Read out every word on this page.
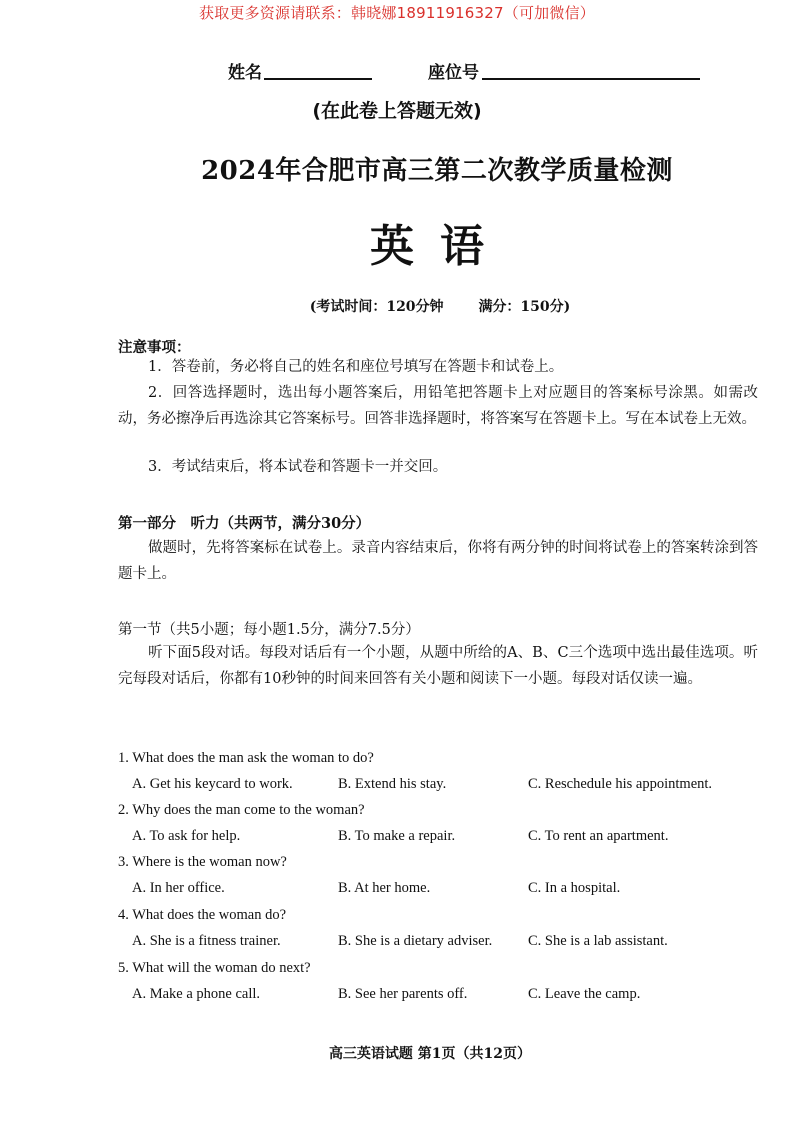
获取更多资源请联系：韩晓娜18911916327（可加微信）
姓名	座位号
(在此卷上答题无效)
2024年合肥市高三第二次教学质量检测
英语
(考试时间：120分钟 满分：150分)
注意事项：
1．答卷前，务必将自己的姓名和座位号填写在答题卡和试卷上。
2．回答选择题时，选出每小题答案后，用铅笔把答题卡上对应题目的答案标号涂黑。如需改动，务必擦净后再选涂其它答案标号。回答非选择题时，将答案写在答题卡上。写在本试卷上无效。
3．考试结束后，将本试卷和答题卡一并交回。
第一部分　听力（共两节，满分30分）
做题时，先将答案标在试卷上。录音内容结束后，你将有两分钟的时间将试卷上的答案转涂到答题卡上。
第一节（共5小题；每小题1.5分，满分7.5分）
听下面5段对话。每段对话后有一个小题，从题中所给的A、B、C三个选项中选出最佳选项。听完每段对话后，你都有10秒钟的时间来回答有关小题和阅读下一小题。每段对话仅读一遍。
1. What does the man ask the woman to do?
A. Get his keycard to work.	B. Extend his stay.	C. Reschedule his appointment.
2. Why does the man come to the woman?
A. To ask for help.	B. To make a repair.	C. To rent an apartment.
3. Where is the woman now?
A. In her office.	B. At her home.	C. In a hospital.
4. What does the woman do?
A. She is a fitness trainer.	B. She is a dietary adviser. C. She is a lab assistant.
5. What will the woman do next?
A. Make a phone call.	B. See her parents off.	C. Leave the camp.
高三英语试题 第1页（共12页）
